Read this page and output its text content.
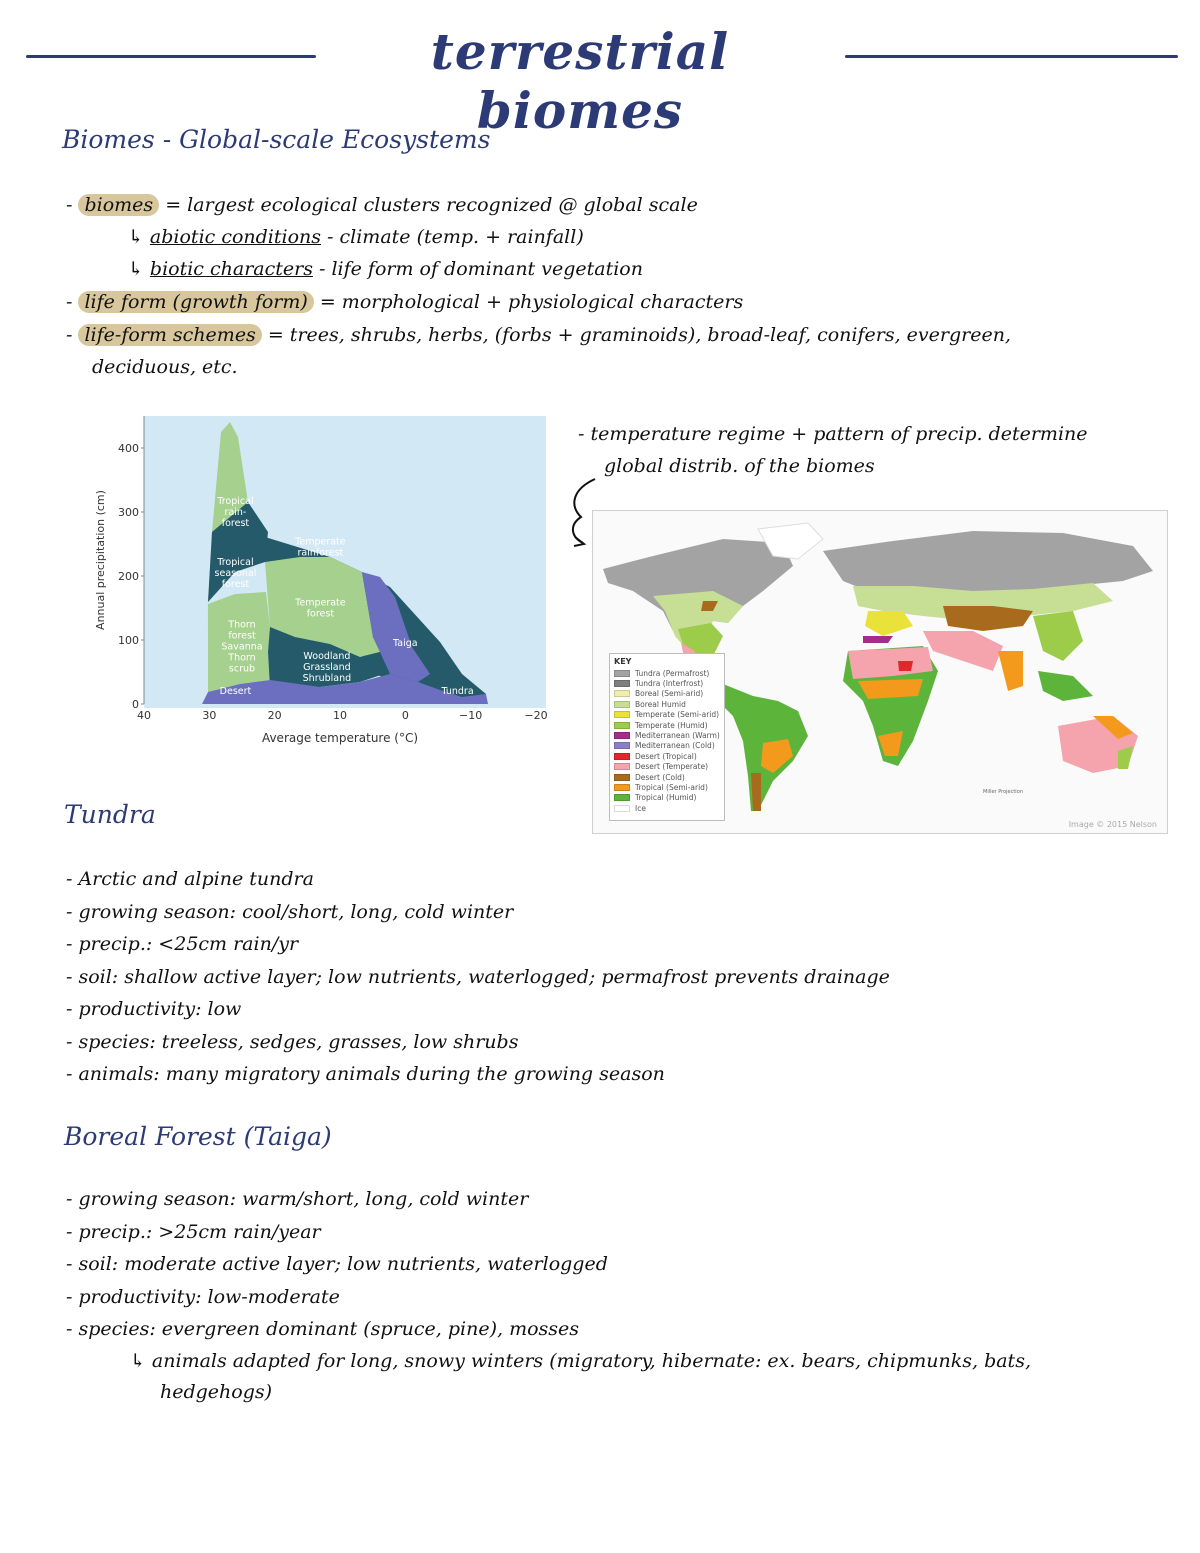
terrestrial biomes
Biomes - Global-scale Ecosystems
- biomes = largest ecological clusters recognized @ global scale
↳ abiotic conditions - climate (temp. + rainfall)
↳ biotic characters - life form of dominant vegetation
- life form (growth form) = morphological + physiological characters
- life-form schemes = trees, shrubs, herbs, (forbs + graminoids), broad-leaf, conifers, evergreen,
deciduous, etc.
0
100
200
300
400
40	30	20	10	0	−10	−20
Tropical
rain-
forest
Temperate
rainforest
Tropical
seasonal
forest
Temperate
forest
Taiga
Thorn
forest
Savanna
Thorn
scrub
Woodland
Grassland
Shrubland
Desert	Tundra
Average temperature (°C)
Annual precipitation (cm)
- temperature regime + pattern of precip. determine
global distrib. of the biomes
KEY
Tundra (Permafrost)
Tundra (Interfrost)
Boreal (Semi-arid)
Boreal Humid
Temperate (Semi-arid)
Temperate (Humid)
Mediterranean (Warm)
Mediterranean (Cold)
Desert (Tropical)
Desert (Temperate)
Desert (Cold)
Tropical (Semi-arid)
Tropical (Humid)
Ice
Miller Projection
Image © 2015 Nelson
Tundra
- Arctic and alpine tundra
- growing season: cool/short, long, cold winter
- precip.: <25cm rain/yr
- soil: shallow active layer; low nutrients, waterlogged; permafrost prevents drainage
- productivity: low
- species: treeless, sedges, grasses, low shrubs
- animals: many migratory animals during the growing season
Boreal Forest (Taiga)
- growing season: warm/short, long, cold winter
- precip.: >25cm rain/year
- soil: moderate active layer; low nutrients, waterlogged
- productivity: low-moderate
- species: evergreen dominant (spruce, pine), mosses
↳ animals adapted for long, snowy winters (migratory, hibernate: ex. bears, chipmunks, bats,
hedgehogs)
